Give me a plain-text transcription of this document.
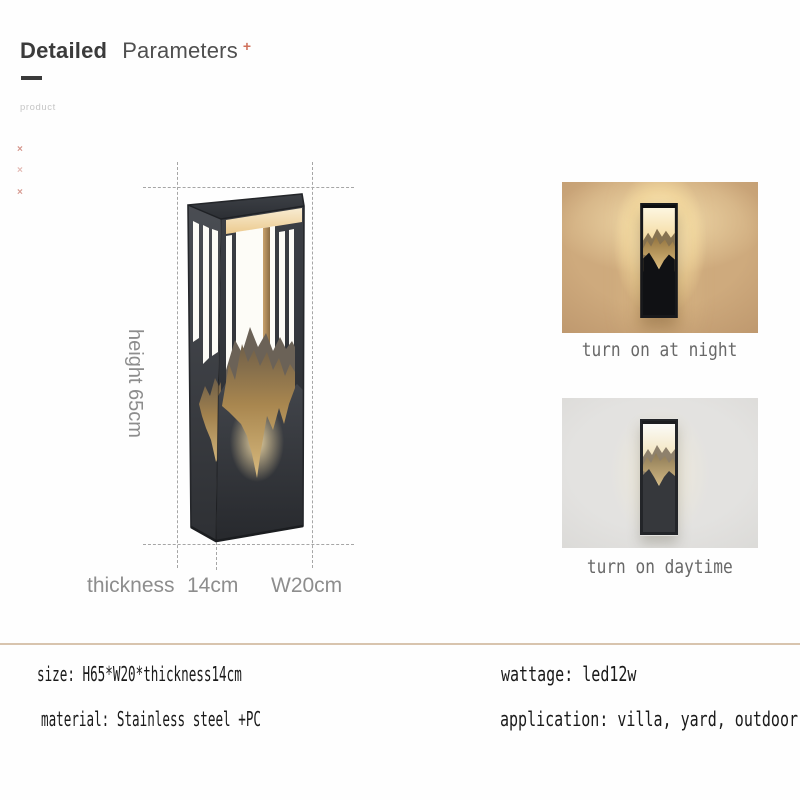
Detailed Parameters +
product
×
×
×
height 65cm
thickness 14cm W20cm
turn on at night
turn on daytime
size: H65*W20*thickness14cm
material: Stainless steel +PC
wattage: led12w
application: villa, yard, outdoor
